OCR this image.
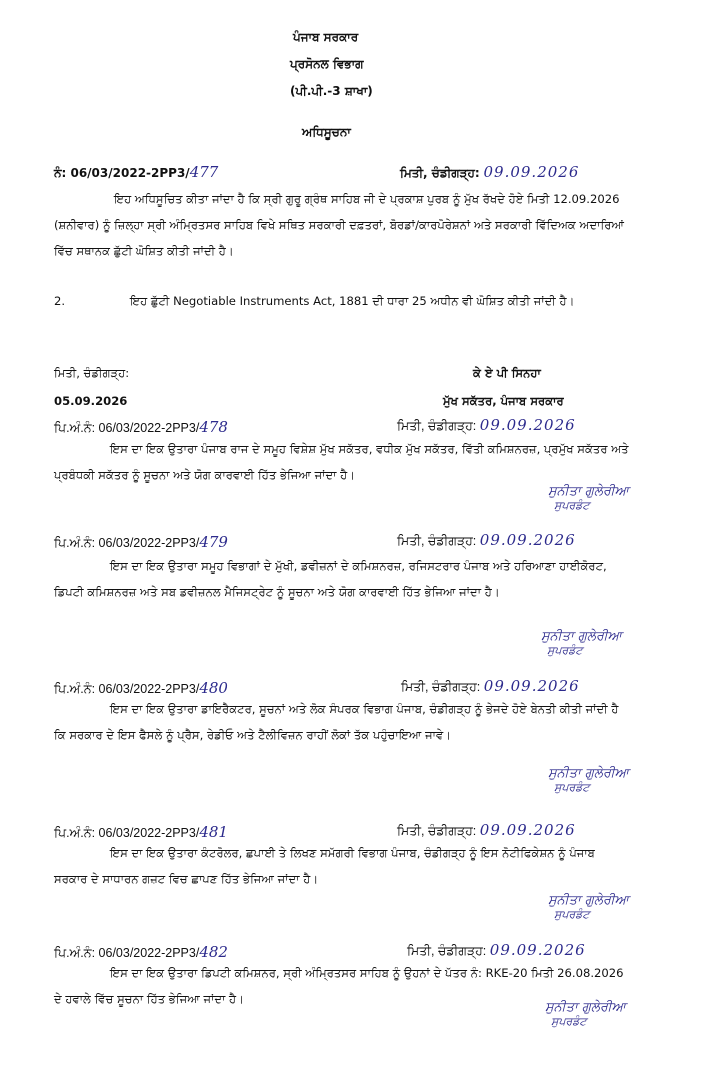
ਪੰਜਾਬ ਸਰਕਾਰ
ਪ੍ਰਸੋਨਲ ਵਿਭਾਗ
(ਪੀ.ਪੀ.-3 ਸ਼ਾਖਾ)
ਅਧਿਸੂਚਨਾ
ਨੰ: 06/03/2022-2PP3/477	ਮਿਤੀ, ਚੰਡੀਗੜ੍ਹ: 09.09.2026
ਇਹ ਅਧਿਸੂਚਿਤ ਕੀਤਾ ਜਾਂਦਾ ਹੈ ਕਿ ਸ੍ਰੀ ਗੁਰੂ ਗ੍ਰੰਥ ਸਾਹਿਬ ਜੀ ਦੇ ਪ੍ਰਕਾਸ਼ ਪੁਰਬ ਨੂੰ ਮੁੱਖ ਰੱਖਦੇ ਹੋਏ ਮਿਤੀ 12.09.2026 (ਸ਼ਨੀਵਾਰ) ਨੂੰ ਜ਼ਿਲ੍ਹਾ ਸ੍ਰੀ ਅੰਮ੍ਰਿਤਸਰ ਸਾਹਿਬ ਵਿਖੇ ਸਥਿਤ ਸਰਕਾਰੀ ਦਫ਼ਤਰਾਂ, ਬੋਰਡਾਂ/ਕਾਰਪੋਰੇਸ਼ਨਾਂ ਅਤੇ ਸਰਕਾਰੀ ਵਿੱਦਿਅਕ ਅਦਾਰਿਆਂ ਵਿੱਚ ਸਥਾਨਕ ਛੁੱਟੀ ਘੋਸ਼ਿਤ ਕੀਤੀ ਜਾਂਦੀ ਹੈ।
2.	ਇਹ ਛੁੱਟੀ Negotiable Instruments Act, 1881 ਦੀ ਧਾਰਾ 25 ਅਧੀਨ ਵੀ ਘੋਸ਼ਿਤ ਕੀਤੀ ਜਾਂਦੀ ਹੈ।
ਮਿਤੀ, ਚੰਡੀਗੜ੍ਹ:	ਕੇ ਏ ਪੀ ਸਿਨਹਾ
05.09.2026	ਮੁੱਖ ਸਕੱਤਰ, ਪੰਜਾਬ ਸਰਕਾਰ
ਪਿ.ਅੰ.ਨੰ: 06/03/2022-2PP3/478	ਮਿਤੀ, ਚੰਡੀਗੜ੍ਹ: 09.09.2026
ਇਸ ਦਾ ਇਕ ਉਤਾਰਾ ਪੰਜਾਬ ਰਾਜ ਦੇ ਸਮੂਹ ਵਿਸ਼ੇਸ਼ ਮੁੱਖ ਸਕੱਤਰ, ਵਧੀਕ ਮੁੱਖ ਸਕੱਤਰ, ਵਿੱਤੀ ਕਮਿਸ਼ਨਰਜ਼, ਪ੍ਰਮੁੱਖ ਸਕੱਤਰ ਅਤੇ ਪ੍ਰਬੰਧਕੀ ਸਕੱਤਰ ਨੂੰ ਸੂਚਨਾ ਅਤੇ ਯੋਗ ਕਾਰਵਾਈ ਹਿੱਤ ਭੇਜਿਆ ਜਾਂਦਾ ਹੈ।
ਸੁਨੀਤਾ ਗੁਲੇਰੀਆ
ਸੁਪਰਡੰਟ
ਪਿ.ਅੰ.ਨੰ: 06/03/2022-2PP3/479	ਮਿਤੀ, ਚੰਡੀਗੜ੍ਹ: 09.09.2026
ਇਸ ਦਾ ਇਕ ਉਤਾਰਾ ਸਮੂਹ ਵਿਭਾਗਾਂ ਦੇ ਮੁੱਖੀ, ਡਵੀਜ਼ਨਾਂ ਦੇ ਕਮਿਸ਼ਨਰਜ਼, ਰਜਿਸਟਰਾਰ ਪੰਜਾਬ ਅਤੇ ਹਰਿਆਣਾ ਹਾਈਕੋਰਟ, ਡਿਪਟੀ ਕਮਿਸ਼ਨਰਜ਼ ਅਤੇ ਸਬ ਡਵੀਜ਼ਨਲ ਮੈਜਿਸਟ੍ਰੇਟ ਨੂੰ ਸੂਚਨਾ ਅਤੇ ਯੋਗ ਕਾਰਵਾਈ ਹਿੱਤ ਭੇਜਿਆ ਜਾਂਦਾ ਹੈ।
ਸੁਨੀਤਾ ਗੁਲੇਰੀਆ
ਸੁਪਰਡੰਟ
ਪਿ.ਅੰ.ਨੰ: 06/03/2022-2PP3/480	ਮਿਤੀ, ਚੰਡੀਗੜ੍ਹ: 09.09.2026
ਇਸ ਦਾ ਇਕ ਉਤਾਰਾ ਡਾਇਰੈਕਟਰ, ਸੂਚਨਾਂ ਅਤੇ ਲੋਕ ਸੰਪਰਕ ਵਿਭਾਗ ਪੰਜਾਬ, ਚੰਡੀਗੜ੍ਹ ਨੂੰ ਭੇਜਦੇ ਹੋਏ ਬੇਨਤੀ ਕੀਤੀ ਜਾਂਦੀ ਹੈ ਕਿ ਸਰਕਾਰ ਦੇ ਇਸ ਫੈਸਲੇ ਨੂੰ ਪ੍ਰੈਸ, ਰੇਡੀਓ ਅਤੇ ਟੈਲੀਵਿਜ਼ਨ ਰਾਹੀਂ ਲੋਕਾਂ ਤੱਕ ਪਹੁੰਚਾਇਆ ਜਾਵੇ।
ਸੁਨੀਤਾ ਗੁਲੇਰੀਆ
ਸੁਪਰਡੰਟ
ਪਿ.ਅੰ.ਨੰ: 06/03/2022-2PP3/481	ਮਿਤੀ, ਚੰਡੀਗੜ੍ਹ: 09.09.2026
ਇਸ ਦਾ ਇਕ ਉਤਾਰਾ ਕੰਟਰੋਲਰ, ਛਪਾਈ ਤੇ ਲਿਖਣ ਸਮੱਗਰੀ ਵਿਭਾਗ ਪੰਜਾਬ, ਚੰਡੀਗੜ੍ਹ ਨੂੰ ਇਸ ਨੋਟੀਫਿਕੇਸ਼ਨ ਨੂੰ ਪੰਜਾਬ ਸਰਕਾਰ ਦੇ ਸਾਧਾਰਨ ਗਜ਼ਟ ਵਿਚ ਛਾਪਣ ਹਿੱਤ ਭੇਜਿਆ ਜਾਂਦਾ ਹੈ।
ਸੁਨੀਤਾ ਗੁਲੇਰੀਆ
ਸੁਪਰਡੰਟ
ਪਿ.ਅੰ.ਨੰ: 06/03/2022-2PP3/482	ਮਿਤੀ, ਚੰਡੀਗੜ੍ਹ: 09.09.2026
ਇਸ ਦਾ ਇਕ ਉਤਾਰਾ ਡਿਪਟੀ ਕਮਿਸ਼ਨਰ, ਸ੍ਰੀ ਅੰਮ੍ਰਿਤਸਰ ਸਾਹਿਬ ਨੂੰ ਉਹਨਾਂ ਦੇ ਪੱਤਰ ਨੰ: RKE-20 ਮਿਤੀ 26.08.2026 ਦੇ ਹਵਾਲੇ ਵਿੱਚ ਸੂਚਨਾ ਹਿੱਤ ਭੇਜਿਆ ਜਾਂਦਾ ਹੈ।
ਸੁਨੀਤਾ ਗੁਲੇਰੀਆ
ਸੁਪਰਡੰਟ
